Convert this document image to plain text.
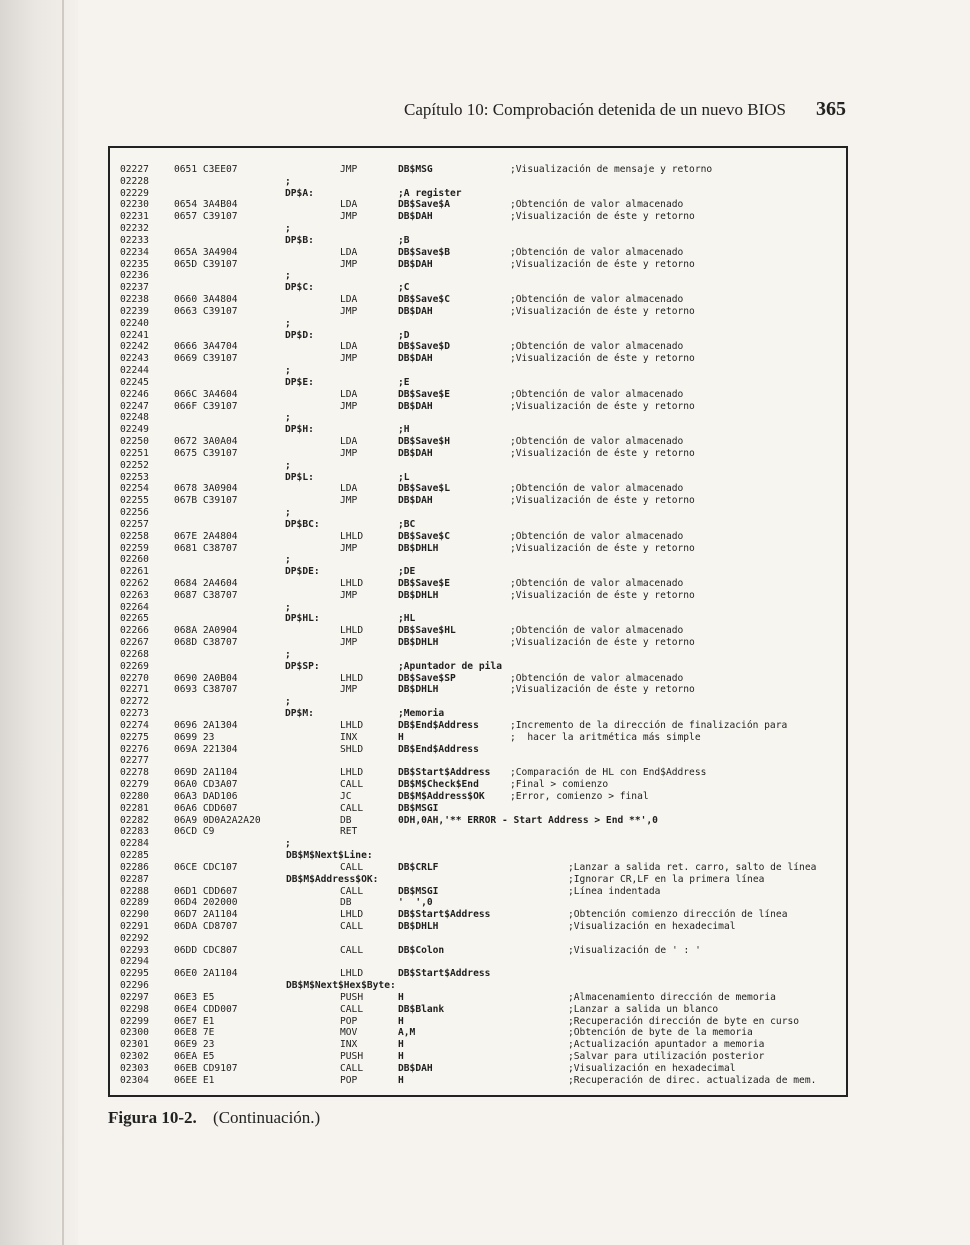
Capítulo 10: Comprobación detenida de un nuevo BIOS 365
02227	0651 C3EE07	JMP	DB$MSG	;Visualización de mensaje y retorno
02228	;
02229	DP$A:	;A register
02230	0654 3A4B04	LDA	DB$Save$A	;Obtención de valor almacenado
02231	0657 C39107	JMP	DB$DAH	;Visualización de éste y retorno
02232	;
02233	DP$B:	;B
02234	065A 3A4904	LDA	DB$Save$B	;Obtención de valor almacenado
02235	065D C39107	JMP	DB$DAH	;Visualización de éste y retorno
02236	;
02237	DP$C:	;C
02238	0660 3A4804	LDA	DB$Save$C	;Obtención de valor almacenado
02239	0663 C39107	JMP	DB$DAH	;Visualización de éste y retorno
02240	;
02241	DP$D:	;D
02242	0666 3A4704	LDA	DB$Save$D	;Obtención de valor almacenado
02243	0669 C39107	JMP	DB$DAH	;Visualización de éste y retorno
02244	;
02245	DP$E:	;E
02246	066C 3A4604	LDA	DB$Save$E	;Obtención de valor almacenado
02247	066F C39107	JMP	DB$DAH	;Visualización de éste y retorno
02248	;
02249	DP$H:	;H
02250	0672 3A0A04	LDA	DB$Save$H	;Obtención de valor almacenado
02251	0675 C39107	JMP	DB$DAH	;Visualización de éste y retorno
02252	;
02253	DP$L:	;L
02254	0678 3A0904	LDA	DB$Save$L	;Obtención de valor almacenado
02255	067B C39107	JMP	DB$DAH	;Visualización de éste y retorno
02256	;
02257	DP$BC:	;BC
02258	067E 2A4804	LHLD	DB$Save$C	;Obtención de valor almacenado
02259	0681 C38707	JMP	DB$DHLH	;Visualización de éste y retorno
02260	;
02261	DP$DE:	;DE
02262	0684 2A4604	LHLD	DB$Save$E	;Obtención de valor almacenado
02263	0687 C38707	JMP	DB$DHLH	;Visualización de éste y retorno
02264	;
02265	DP$HL:	;HL
02266	068A 2A0904	LHLD	DB$Save$HL	;Obtención de valor almacenado
02267	068D C38707	JMP	DB$DHLH	;Visualización de éste y retorno
02268	;
02269	DP$SP:	;Apuntador de pila
02270	0690 2A0B04	LHLD	DB$Save$SP	;Obtención de valor almacenado
02271	0693 C38707	JMP	DB$DHLH	;Visualización de éste y retorno
02272	;
02273	DP$M:	;Memoria
02274	0696 2A1304	LHLD	DB$End$Address	;Incremento de la dirección de finalización para
02275	0699 23	INX	H	;  hacer la aritmética más simple
02276	069A 221304	SHLD	DB$End$Address
02277
02278	069D 2A1104	LHLD	DB$Start$Address ;Comparación de HL con End$Address
02279	06A0 CD3A07	CALL	DB$M$Check$End	;Final > comienzo
02280	06A3 DAD106	JC	DB$M$Address$OK	;Error, comienzo > final
02281	06A6 CDD607	CALL	DB$MSGI
02282	06A9 0D0A2A2A20	DB	0DH,0AH,'** ERROR - Start Address > End **',0
02283	06CD C9	RET
02284	;
02285	DB$M$Next$Line:
02286	06CE CDC107	CALL	DB$CRLF	;Lanzar a salida ret. carro, salto de línea
02287	DB$M$Address$OK:	;Ignorar CR,LF en la primera línea
02288	06D1 CDD607	CALL	DB$MSGI	;Línea indentada
02289	06D4 202000	DB	'  ',0
02290	06D7 2A1104	LHLD	DB$Start$Address	;Obtención comienzo dirección de línea
02291	06DA CD8707	CALL	DB$DHLH	;Visualización en hexadecimal
02292
02293	06DD CDC807	CALL	DB$Colon	;Visualización de ' : '
02294
02295	06E0 2A1104	LHLD	DB$Start$Address
02296	DB$M$Next$Hex$Byte:
02297	06E3 E5	PUSH	H	;Almacenamiento dirección de memoria
02298	06E4 CDD007	CALL	DB$Blank	;Lanzar a salida un blanco
02299	06E7 E1	POP	H	;Recuperación dirección de byte en curso
02300	06E8 7E	MOV	A,M	;Obtención de byte de la memoria
02301	06E9 23	INX	H	;Actualización apuntador a memoria
02302	06EA E5	PUSH	H	;Salvar para utilización posterior
02303	06EB CD9107	CALL	DB$DAH	;Visualización en hexadecimal
02304	06EE E1	POP	H	;Recuperación de direc. actualizada de mem.
Figura 10-2. (Continuación.)
